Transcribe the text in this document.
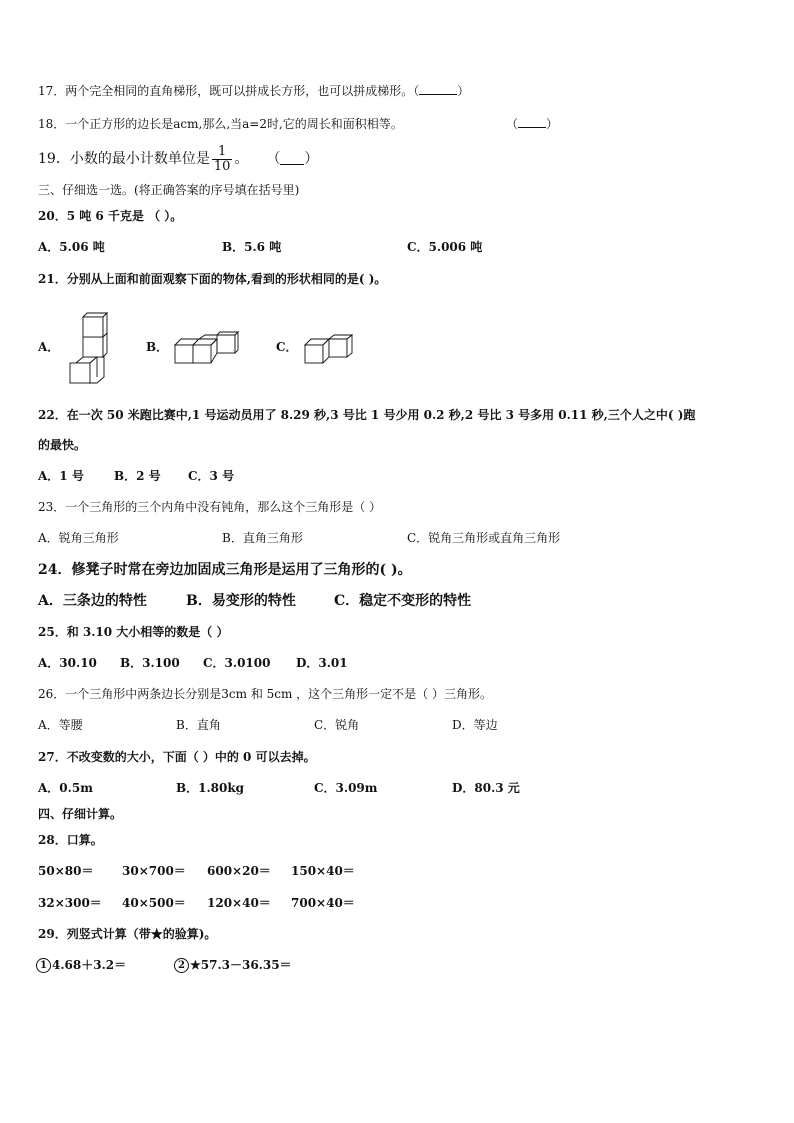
17．两个完全相同的直角梯形，既可以拼成长方形，也可以拼成梯形。（	）
18．一个正方形的边长是acm,那么,当a=2时,它的周长和面积相等。	（ ）
19．小数的最小计数单位是 $\frac{1}{10}$ 。 （ ）
三、仔细选一选。(将正确答案的序号填在括号里)
20．5 吨 6 千克是 （ ）。
A．5.06 吨	B．5.6 吨	C．5.006 吨
21．分别从上面和前面观察下面的物体,看到的形状相同的是( )。
A．	B．	C．
22．在一次 50 米跑比赛中,1 号运动员用了 8.29 秒,3 号比 1 号少用 0.2 秒,2 号比 3 号多用 0.11 秒,三个人之中( )跑
的最快。
A．1 号	B．2 号 C．3 号
23．一个三角形的三个内角中没有钝角，那么这个三角形是（ ）
A．锐角三角形	B．直角三角形	C．锐角三角形或直角三角形
24．修凳子时常在旁边加固成三角形是运用了三角形的( )。
A．三条边的特性	B．易变形的特性	C．稳定不变形的特性
25．和 3.10 大小相等的数是（ ）
A．30.10 B．3.100 C．3.0100 D．3.01
26．一个三角形中两条边长分别是3cm 和 5cm ，这个三角形一定不是（ ）三角形。
A．等腰	B．直角	C．锐角	D．等边
27．不改变数的大小，下面（ ）中的 0 可以去掉。
A．0.5m	B．1.80kg	C．3.09m	D．80.3 元
四、仔细计算。
28．口算。
50×80＝ 30×700＝ 600×20＝ 150×40＝
32×300＝ 40×500＝ 120×40＝ 700×40＝
29．列竖式计算（带★的验算)。
1 4.68＋3.2＝	2 ★57.3－36.35＝
